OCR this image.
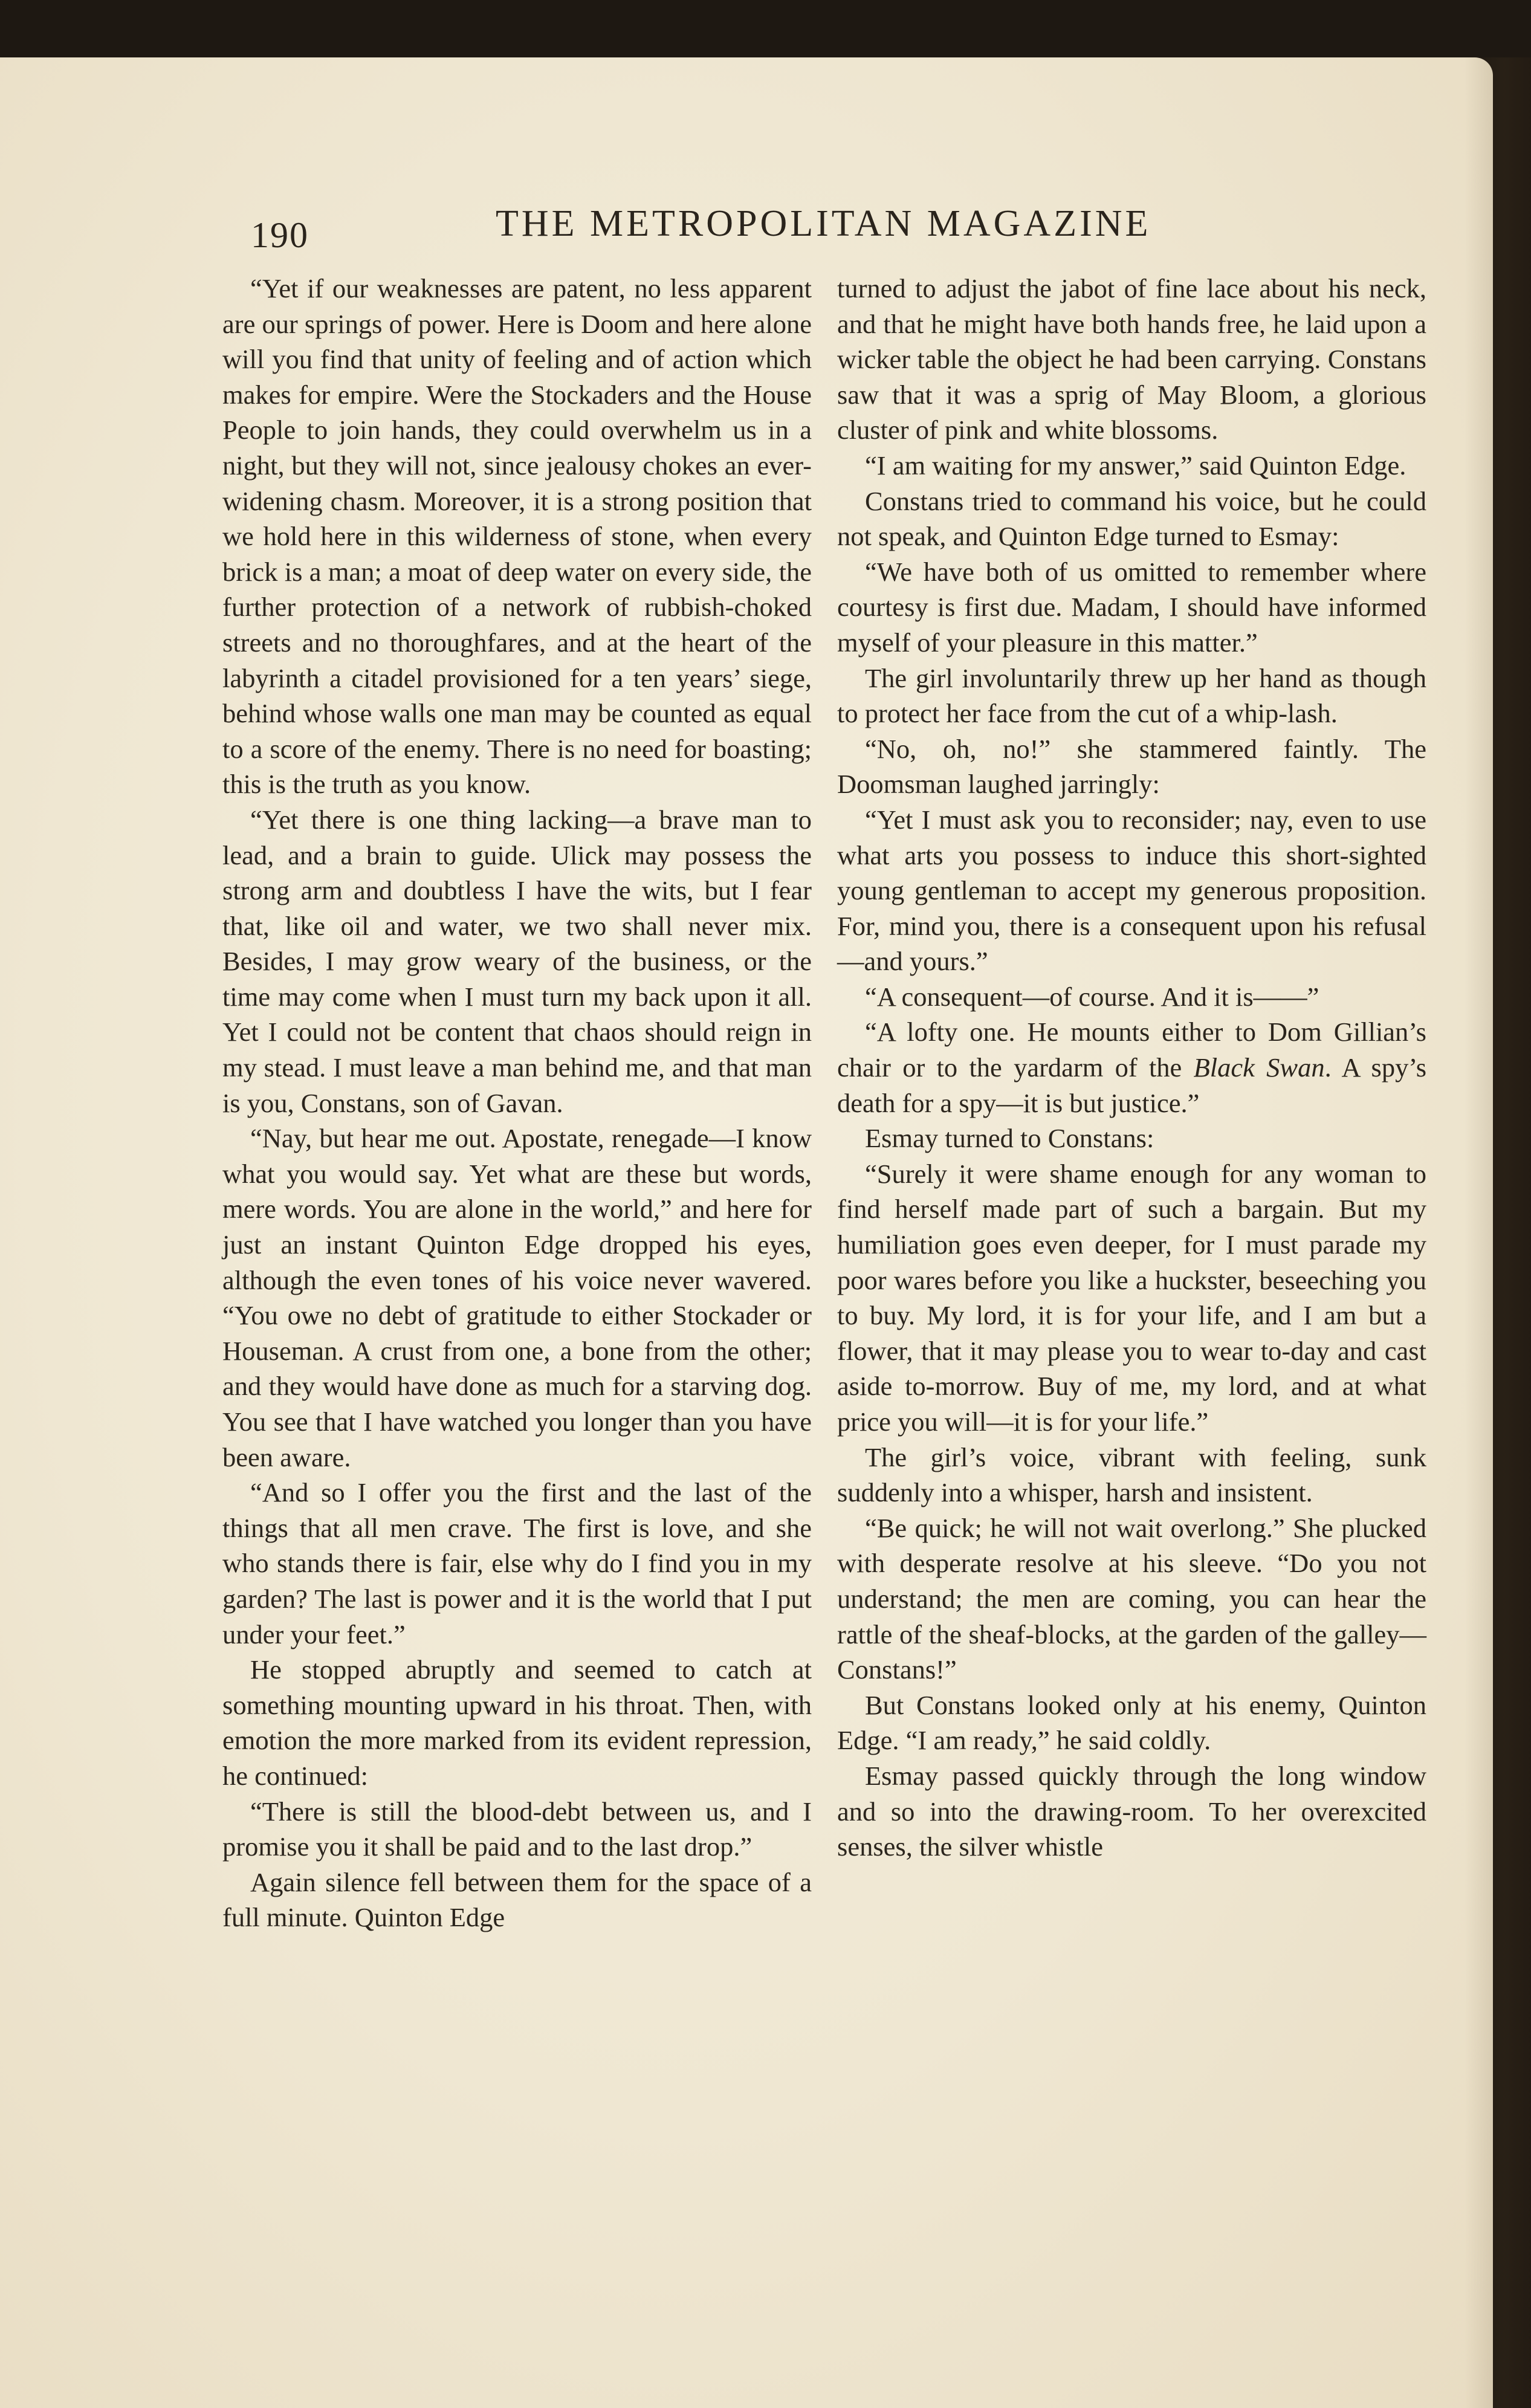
190	THE METROPOLITAN MAGAZINE

“Yet if our weaknesses are patent, no less apparent are our springs of power. Here is Doom and here alone will you find that unity of feeling and of action which makes for empire. Were the Stockaders and the House People to join hands, they could overwhelm us in a night, but they will not, since jealousy chokes an ever-widening chasm. Moreover, it is a strong position that we hold here in this wilderness of stone, when every brick is a man; a moat of deep water on every side, the further protection of a network of rubbish-choked streets and no thoroughfares, and at the heart of the labyrinth a citadel provisioned for a ten years’ siege, behind whose walls one man may be counted as equal to a score of the enemy. There is no need for boasting; this is the truth as you know.

“Yet there is one thing lacking—a brave man to lead, and a brain to guide. Ulick may possess the strong arm and doubtless I have the wits, but I fear that, like oil and water, we two shall never mix. Besides, I may grow weary of the business, or the time may come when I must turn my back upon it all. Yet I could not be content that chaos should reign in my stead. I must leave a man behind me, and that man is you, Constans, son of Gavan.

“Nay, but hear me out. Apostate, renegade—I know what you would say. Yet what are these but words, mere words. You are alone in the world,” and here for just an instant Quinton Edge dropped his eyes, although the even tones of his voice never wavered. “You owe no debt of gratitude to either Stockader or Houseman. A crust from one, a bone from the other; and they would have done as much for a starving dog. You see that I have watched you longer than you have been aware.

“And so I offer you the first and the last of the things that all men crave. The first is love, and she who stands there is fair, else why do I find you in my garden? The last is power and it is the world that I put under your feet.”

He stopped abruptly and seemed to catch at something mounting upward in his throat. Then, with emotion the more marked from its evident repression, he continued:

“There is still the blood-debt between us, and I promise you it shall be paid and to the last drop.”

Again silence fell between them for the space of a full minute. Quinton Edge

turned to adjust the jabot of fine lace about his neck, and that he might have both hands free, he laid upon a wicker table the object he had been carrying. Constans saw that it was a sprig of May Bloom, a glorious cluster of pink and white blossoms.

“I am waiting for my answer,” said Quinton Edge.

Constans tried to command his voice, but he could not speak, and Quinton Edge turned to Esmay:

“We have both of us omitted to remember where courtesy is first due. Madam, I should have informed myself of your pleasure in this matter.”

The girl involuntarily threw up her hand as though to protect her face from the cut of a whip-lash.

“No, oh, no!” she stammered faintly. The Doomsman laughed jarringly:

“Yet I must ask you to reconsider; nay, even to use what arts you possess to induce this short-sighted young gentleman to accept my generous proposition. For, mind you, there is a consequent upon his refusal—and yours.”

“A consequent—of course. And it is——”

“A lofty one. He mounts either to Dom Gillian’s chair or to the yardarm of the Black Swan. A spy’s death for a spy—it is but justice.”

Esmay turned to Constans:

“Surely it were shame enough for any woman to find herself made part of such a bargain. But my humiliation goes even deeper, for I must parade my poor wares before you like a huckster, beseeching you to buy. My lord, it is for your life, and I am but a flower, that it may please you to wear to-day and cast aside to-morrow. Buy of me, my lord, and at what price you will—it is for your life.”

The girl’s voice, vibrant with feeling, sunk suddenly into a whisper, harsh and insistent.

“Be quick; he will not wait overlong.” She plucked with desperate resolve at his sleeve. “Do you not understand; the men are coming, you can hear the rattle of the sheaf-blocks, at the garden of the galley—Constans!”

But Constans looked only at his enemy, Quinton Edge. “I am ready,” he said coldly.

Esmay passed quickly through the long window and so into the drawing-room. To her overexcited senses, the silver whistle
